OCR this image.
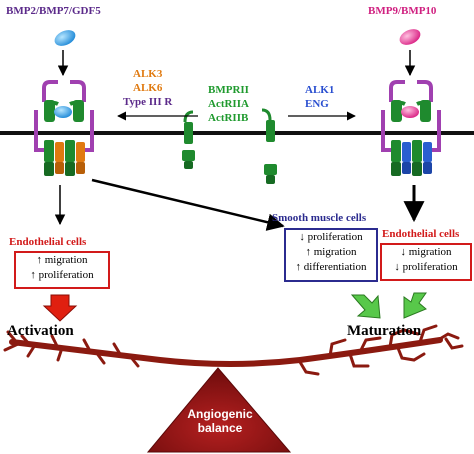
BMP2/BMP7/GDF5	BMP9/BMP10
ALK3
ALK6
Type III R
BMPRII
ActRIIA
ActRIIB
ALK1
ENG
Endothelial cells
Smooth muscle cells
Endothelial cells
↑ migration
↑ proliferation
↓ proliferation
↑ migration
↑ differentiation
↓ migration
↓ proliferation
Activation	Maturation
Angiogenic
balance
